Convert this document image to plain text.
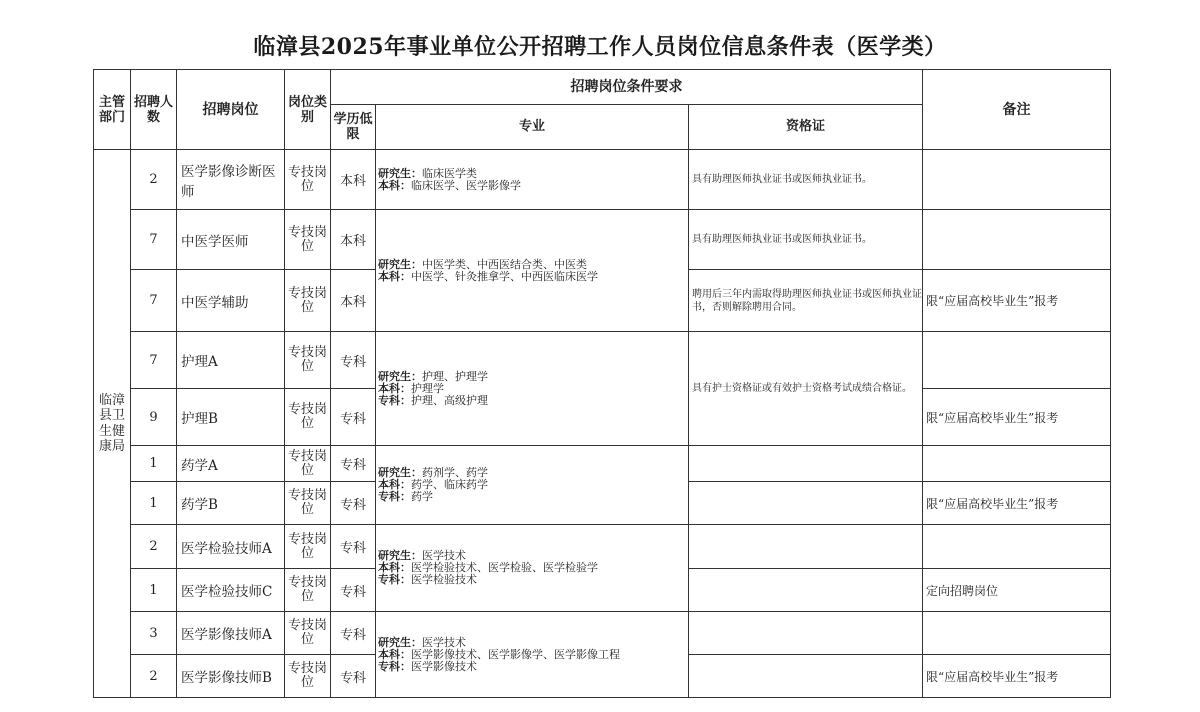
临漳县2025年事业单位公开招聘工作人员岗位信息条件表（医学类）
主管部门	招聘人数	招聘岗位	岗位类别	招聘岗位条件要求			备注
				学历低限	专业	资格证	
临漳县卫生健康局	2	医学影像诊断医师	专技岗位	本科	研究生：临床医学类
本科：临床医学、医学影像学	具有助理医师执业证书或医师执业证书。	
	7	中医学医师	专技岗位	本科	研究生：中医学类、中西医结合类、中医类
本科：中医学、针灸推拿学、中西医临床医学	具有助理医师执业证书或医师执业证书。	
	7	中医学辅助	专技岗位	本科		聘用后三年内需取得助理医师执业证书或医师执业证书，否则解除聘用合同。	限“应届高校毕业生”报考
	7	护理A	专技岗位	专科	研究生：护理、护理学
本科：护理学
专科：护理、高级护理	具有护士资格证或有效护士资格考试成绩合格证。	
	9	护理B	专技岗位	专科			限“应届高校毕业生”报考
	1	药学A	专技岗位	专科	研究生：药剂学、药学
本科：药学、临床药学
专科：药学		
	1	药学B	专技岗位	专科			限“应届高校毕业生”报考
	2	医学检验技师A	专技岗位	专科	研究生：医学技术
本科：医学检验技术、医学检验、医学检验学
专科：医学检验技术		
	1	医学检验技师C	专技岗位	专科			定向招聘岗位
	3	医学影像技师A	专技岗位	专科	研究生：医学技术
本科：医学影像技术、医学影像学、医学影像工程
专科：医学影像技术		
	2	医学影像技师B	专技岗位	专科			限“应届高校毕业生”报考
